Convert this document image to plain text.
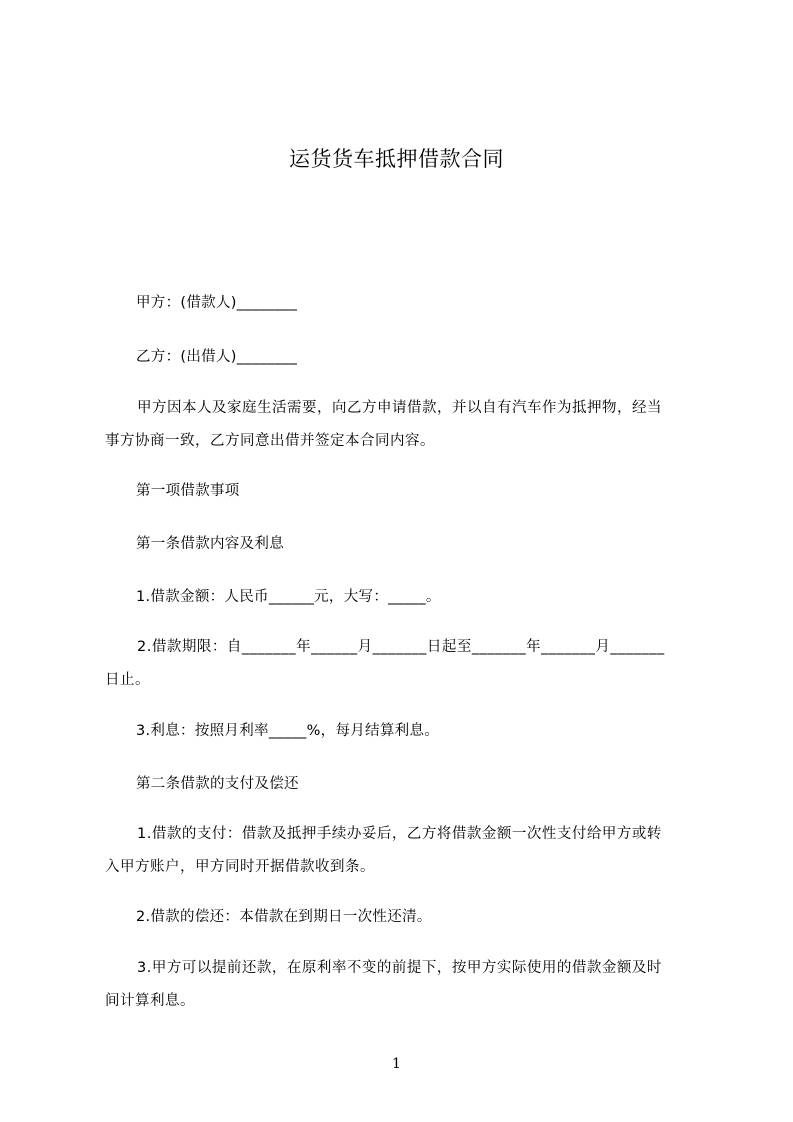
运货货车抵押借款合同
甲方：(借款人)________
乙方：(出借人)________
甲方因本人及家庭生活需要，向乙方申请借款，并以自有汽车作为抵押物，经当
事方协商一致，乙方同意出借并签定本合同内容。
第一项借款事项
第一条借款内容及利息
1.借款金额：人民币______元，大写：_____。
2.借款期限：自_______年______月_______日起至_______年_______月_______
日止。
3.利息：按照月利率_____%，每月结算利息。
第二条借款的支付及偿还
1.借款的支付：借款及抵押手续办妥后，乙方将借款金额一次性支付给甲方或转
入甲方账户，甲方同时开据借款收到条。
2.借款的偿还：本借款在到期日一次性还清。
3.甲方可以提前还款，在原利率不变的前提下，按甲方实际使用的借款金额及时
间计算利息。
1
